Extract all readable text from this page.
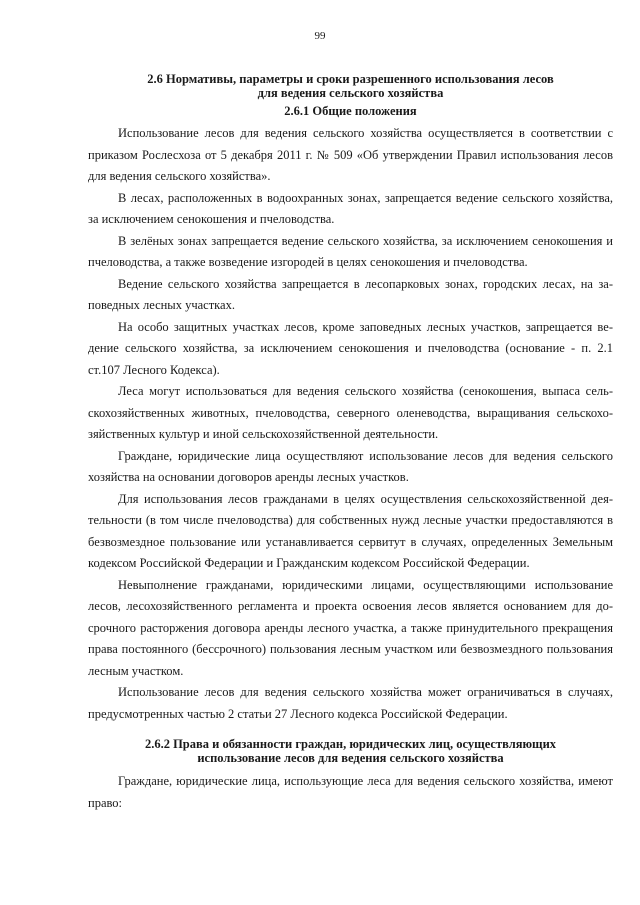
99
2.6 Нормативы, параметры и сроки разрешенного использования лесов
для ведения сельского хозяйства
2.6.1 Общие положения

Использование лесов для ведения сельского хозяйства осуществляется в соответствии с приказом Рослесхоза от 5 декабря 2011 г. № 509 «Об утверждении Правил использования лесов для ведения сельского хозяйства».

В лесах, расположенных в водоохранных зонах, запрещается ведение сельского хозяйства, за исключением сенокошения и пчеловодства.

В зелёных зонах запрещается ведение сельского хозяйства, за исключением сенокошения и пчеловодства, а также возведение изгородей в целях сенокошения и пчеловодства.

Ведение сельского хозяйства запрещается в лесопарковых зонах, городских лесах, на заповедных лесных участках.

На особо защитных участках лесов, кроме заповедных лесных участков, запрещается ведение сельского хозяйства, за исключением сенокошения и пчеловодства (основание - п. 2.1 ст.107 Лесного Кодекса).

Леса могут использоваться для ведения сельского хозяйства (сенокошения, выпаса сельскохозяйственных животных, пчеловодства, северного оленеводства, выращивания сельскохозяйственных культур и иной сельскохозяйственной деятельности.

Граждане, юридические лица осуществляют использование лесов для ведения сельского хозяйства на основании договоров аренды лесных участков.

Для использования лесов гражданами в целях осуществления сельскохозяйственной деятельности (в том числе пчеловодства) для собственных нужд лесные участки предоставляются в безвозмездное пользование или устанавливается сервитут в случаях, определенных Земельным кодексом Российской Федерации и Гражданским кодексом Российской Федерации.

Невыполнение гражданами, юридическими лицами, осуществляющими использование лесов, лесохозяйственного регламента и проекта освоения лесов является основанием для досрочного расторжения договора аренды лесного участка, а также принудительного прекращения права постоянного (бессрочного) пользования лесным участком или безвозмездного пользования лесным участком.

Использование лесов для ведения сельского хозяйства может ограничиваться в случаях, предусмотренных частью 2 статьи 27 Лесного кодекса Российской Федерации.

2.6.2 Права и обязанности граждан, юридических лиц, осуществляющих
использование лесов для ведения сельского хозяйства

Граждане, юридические лица, использующие леса для ведения сельского хозяйства, имеют право:
